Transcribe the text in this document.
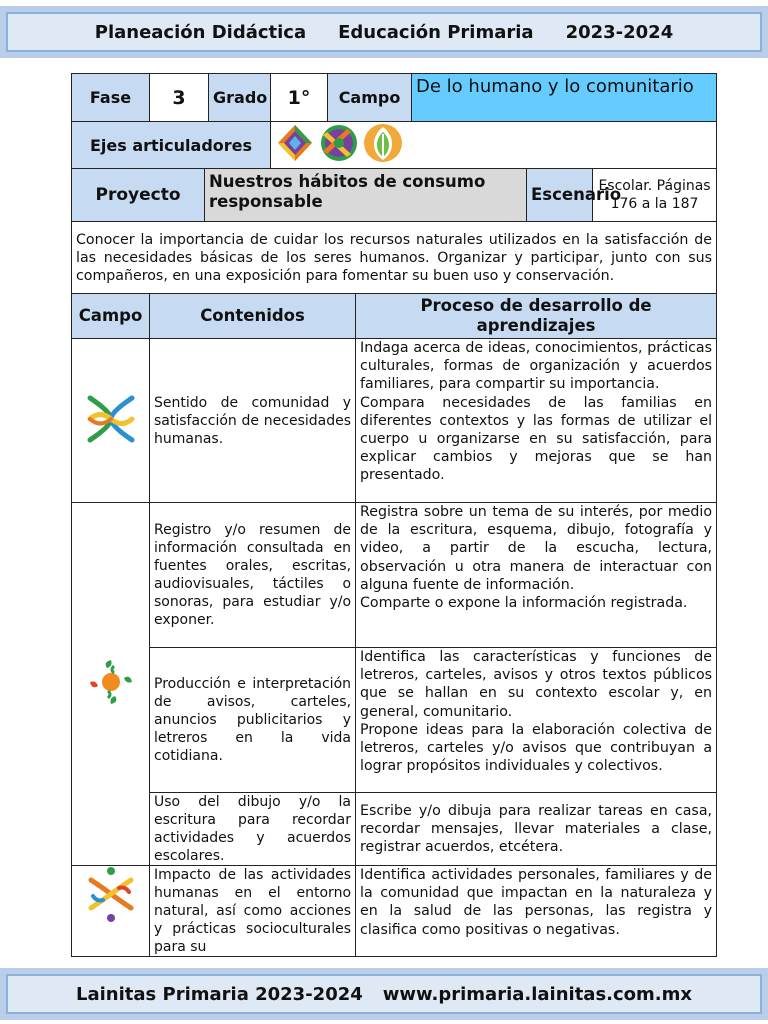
Planeación Didáctica Educación Primaria 2023-2024
Fase	3		Grado	1°	Campo		De lo humano y lo comunitario		
Ejes articuladores	
Proyecto		Nuestros hábitos de consumo responsable						Escenario	Escolar. Páginas 176 a la 187
Conocer la importancia de cuidar los recursos naturales utilizados en la satisfacción de las necesidades básicas de los seres humanos. Organizar y participar, junto con sus compañeros, en una exposición para fomentar su buen uso y conservación.									
Campo	Contenidos					Proceso de desarrollo de aprendizajes			
	Sentido de comunidad y satisfacción de necesidades humanas.					Indaga acerca de ideas, conocimientos, prácticas culturales, formas de organización y acuerdos familiares, para compartir su importancia.
Compara necesidades de las familias en diferentes contextos y las formas de utilizar el cuerpo u organizarse en su satisfacción, para explicar cambios y mejoras que se han presentado.			
	Registro y/o resumen de información consultada en fuentes orales, escritas, audiovisuales, táctiles o sonoras, para estudiar y/o exponer.					Registra sobre un tema de su interés, por medio de la escritura, esquema, dibujo, fotografía y video, a partir de la escucha, lectura, observación u otra manera de interactuar con alguna fuente de información.
Comparte o expone la información registrada.			
	Producción e interpretación de avisos, carteles, anuncios publicitarios y letreros en la vida cotidiana.					Identifica las características y funciones de letreros, carteles, avisos y otros textos públicos que se hallan en su contexto escolar y, en general, comunitario.
Propone ideas para la elaboración colectiva de letreros, carteles y/o avisos que contribuyan a lograr propósitos individuales y colectivos.			
	Uso del dibujo y/o la escritura para recordar actividades y acuerdos escolares.					Escribe y/o dibuja para realizar tareas en casa, recordar mensajes, llevar materiales a clase, registrar acuerdos, etcétera.			
	Impacto de las actividades humanas en el entorno natural, así como acciones y prácticas socioculturales para su					Identifica actividades personales, familiares y de la comunidad que impactan en la naturaleza y en la salud de las personas, las registra y clasifica como positivas o negativas.			
Lainitas Primaria 2023-2024 www.primaria.lainitas.com.mx
